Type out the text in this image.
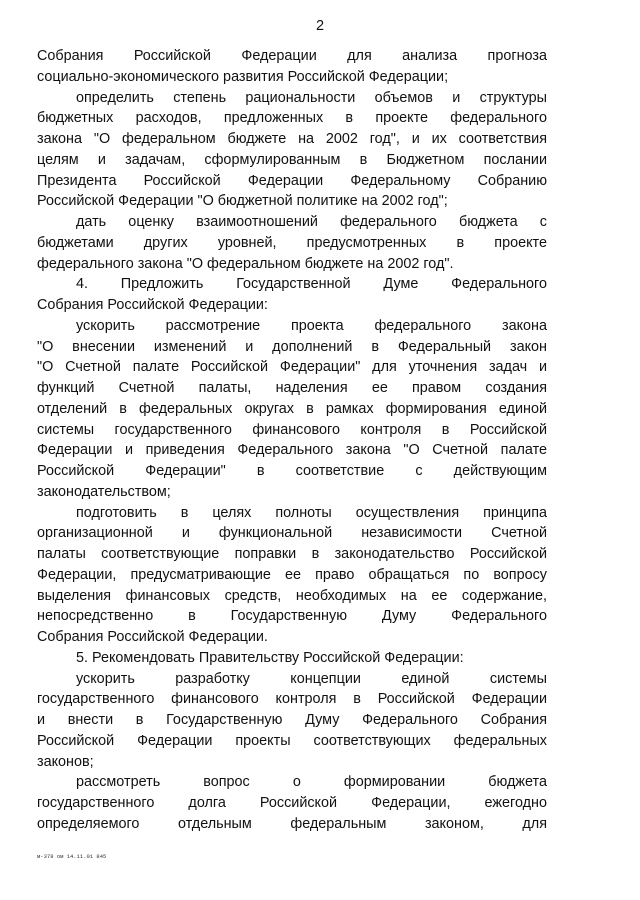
2
Собрания Российской Федерации для анализа прогноза
социально-экономического развития Российской Федерации;
определить степень рациональности объемов и структуры
бюджетных расходов, предложенных в проекте федерального
закона "О федеральном бюджете на 2002 год", и их соответствия
целям и задачам, сформулированным в Бюджетном послании
Президента Российской Федерации Федеральному Собранию
Российской Федерации "О бюджетной политике на 2002 год";
дать оценку взаимоотношений федерального бюджета с
бюджетами других уровней, предусмотренных в проекте
федерального закона "О федеральном бюджете на 2002 год".
4. Предложить Государственной Думе Федерального
Собрания Российской Федерации:
ускорить рассмотрение проекта федерального закона
"О внесении изменений и дополнений в Федеральный закон
"О Счетной палате Российской Федерации" для уточнения задач и
функций Счетной палаты, наделения ее правом создания
отделений в федеральных округах в рамках формирования единой
системы государственного финансового контроля в Российской
Федерации и приведения Федерального закона "О Счетной палате
Российской Федерации" в соответствие с действующим
законодательством;
подготовить в целях полноты осуществления принципа
организационной и функциональной независимости Счетной
палаты соответствующие поправки в законодательство Российской
Федерации, предусматривающие ее право обращаться по вопросу
выделения финансовых средств, необходимых на ее содержание,
непосредственно в Государственную Думу Федерального
Собрания Российской Федерации.
5. Рекомендовать Правительству Российской Федерации:
ускорить разработку концепции единой системы
государственного финансового контроля в Российской Федерации
и внести в Государственную Думу Федерального Собрания
Российской Федерации проекты соответствующих федеральных
законов;
рассмотреть вопрос о формировании бюджета
государственного долга Российской Федерации, ежегодно
определяемого отдельным федеральным законом, для
м-378 ом 14.11.01 845
